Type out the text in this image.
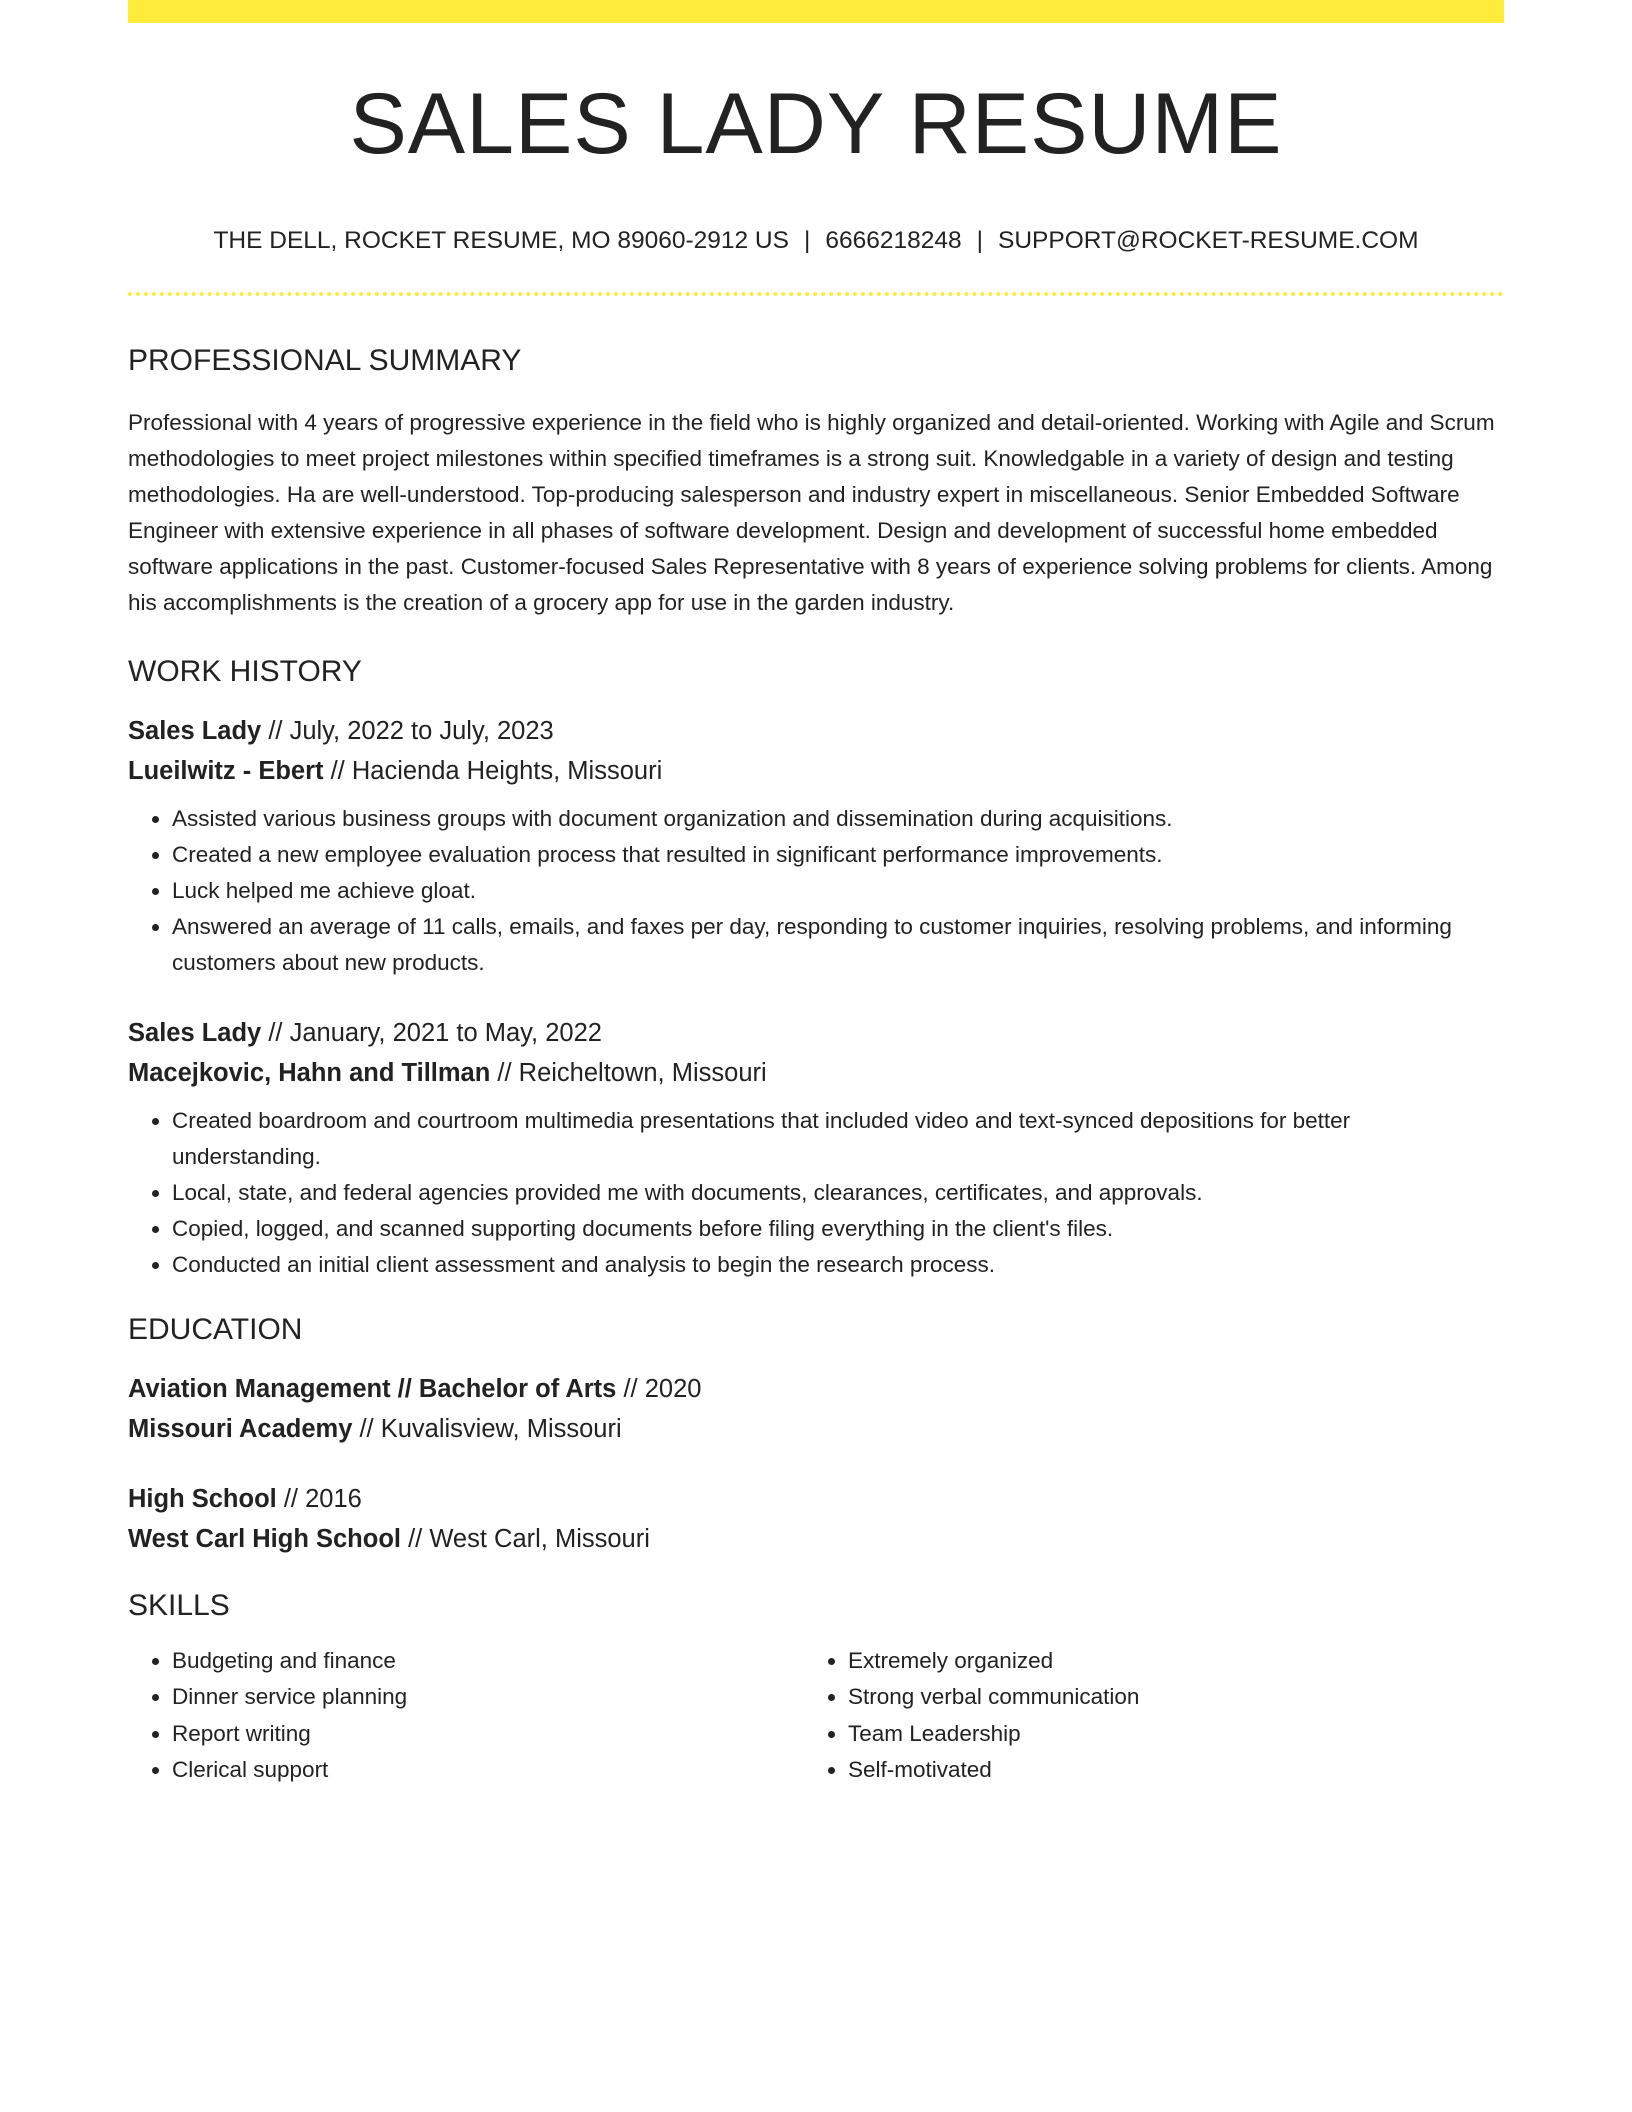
SALES LADY RESUME
THE DELL, ROCKET RESUME, MO 89060-2912 US | 6666218248 | SUPPORT@ROCKET-RESUME.COM
PROFESSIONAL SUMMARY

Professional with 4 years of progressive experience in the field who is highly organized and detail-oriented. Working with Agile and Scrum methodologies to meet project milestones within specified timeframes is a strong suit. Knowledgable in a variety of design and testing methodologies. Ha are well-understood. Top-producing salesperson and industry expert in miscellaneous. Senior Embedded Software Engineer with extensive experience in all phases of software development. Design and development of successful home embedded software applications in the past. Customer-focused Sales Representative with 8 years of experience solving problems for clients. Among his accomplishments is the creation of a grocery app for use in the garden industry.

WORK HISTORY
Sales Lady // July, 2022 to July, 2023
Lueilwitz - Ebert // Hacienda Heights, Missouri
• Assisted various business groups with document organization and dissemination during acquisitions.
• Created a new employee evaluation process that resulted in significant performance improvements.
• Luck helped me achieve gloat.
• Answered an average of 11 calls, emails, and faxes per day, responding to customer inquiries, resolving problems, and informing customers about new products.
Sales Lady // January, 2021 to May, 2022
Macejkovic, Hahn and Tillman // Reicheltown, Missouri
• Created boardroom and courtroom multimedia presentations that included video and text-synced depositions for better understanding.
• Local, state, and federal agencies provided me with documents, clearances, certificates, and approvals.
• Copied, logged, and scanned supporting documents before filing everything in the client's files.
• Conducted an initial client assessment and analysis to begin the research process.
EDUCATION
Aviation Management // Bachelor of Arts // 2020
Missouri Academy // Kuvalisview, Missouri
High School // 2016
West Carl High School // West Carl, Missouri
SKILLS
• Budgeting and finance
• Dinner service planning
• Report writing
• Clerical support
• Extremely organized
• Strong verbal communication
• Team Leadership
• Self-motivated
